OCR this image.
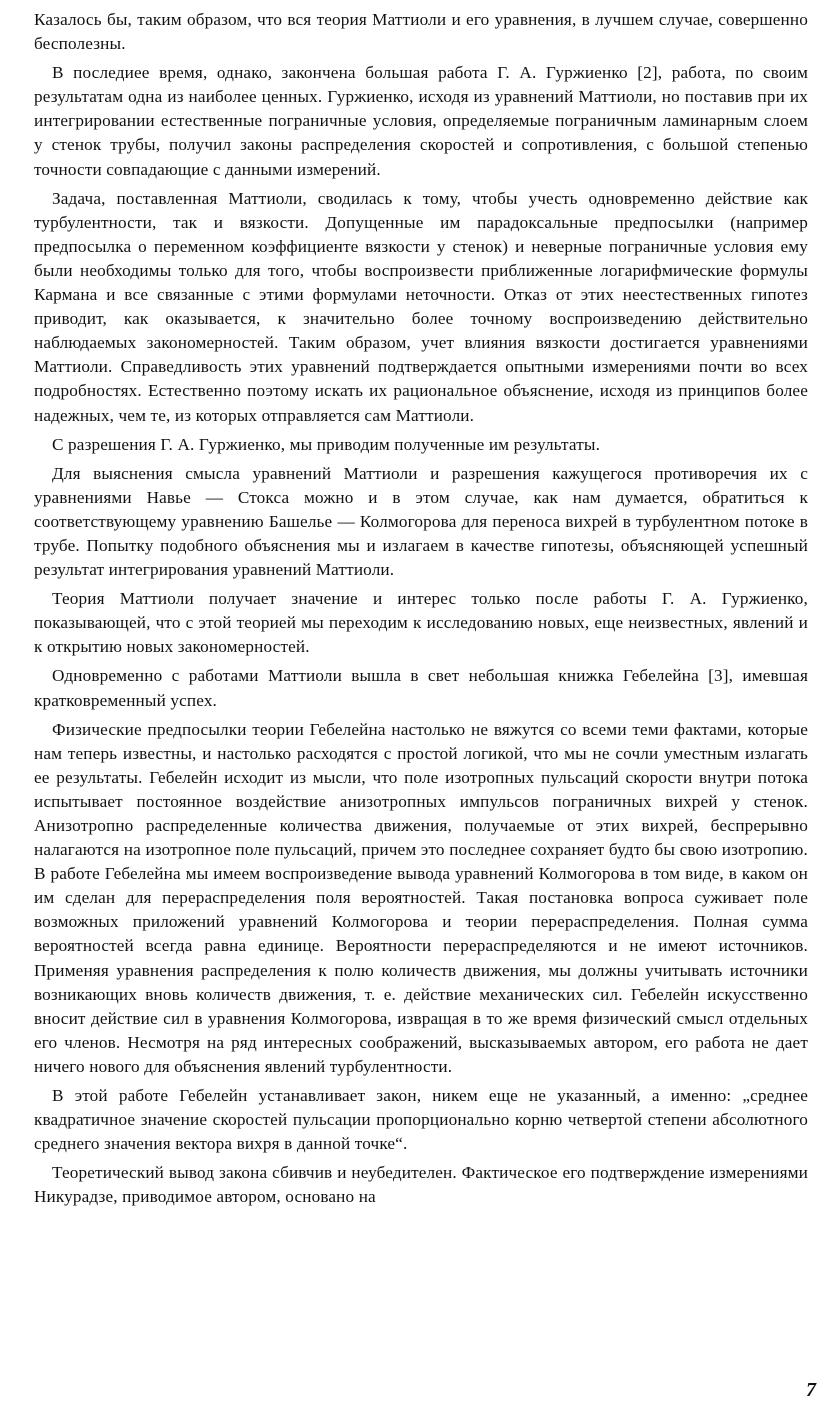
Казалось бы, таким образом, что вся теория Маттиоли и его уравнения, в лучшем случае, совершенно бесполезны.

В последиее время, однако, закончена большая работа Г. А. Гуржиенко [2], работа, по своим результатам одна из наиболее ценных. Гуржиенко, исходя из уравнений Маттиоли, но поставив при их интегрировании естественные пограничные условия, определяемые пограничным ламинарным слоем у стенок трубы, получил законы распределения скоростей и сопротивления, с большой степенью точности совпадающие с данными измерений.

Задача, поставленная Маттиоли, сводилась к тому, чтобы учесть одновременно действие как турбулентности, так и вязкости. Допущенные им парадоксальные предпосылки (например предпосылка о переменном коэффициенте вязкости у стенок) и неверные пограничные условия ему были необходимы только для того, чтобы воспроизвести приближенные логарифмические формулы Кармана и все связанные с этими формулами неточности. Отказ от этих неестественных гипотез приводит, как оказывается, к значительно более точному воспроизведению действительно наблюдаемых закономерностей. Таким образом, учет влияния вязкости достигается уравнениями Маттиоли. Справедливость этих уравнений подтверждается опытными измерениями почти во всех подробностях. Естественно поэтому искать их рациональное объяснение, исходя из принципов более надежных, чем те, из которых отправляется сам Маттиоли.

С разрешения Г. А. Гуржиенко, мы приводим полученные им результаты.

Для выяснения смысла уравнений Маттиоли и разрешения кажущегося противоречия их с уравнениями Навье — Стокса можно и в этом случае, как нам думается, обратиться к соответствующему уравнению Башелье — Колмогорова для переноса вихрей в турбулентном потоке в трубе. Попытку подобного объяснения мы и излагаем в качестве гипотезы, объясняющей успешный результат интегрирования уравнений Маттиоли.

Теория Маттиоли получает значение и интерес только после работы Г. А. Гуржиенко, показывающей, что с этой теорией мы переходим к исследованию новых, еще неизвестных, явлений и к открытию новых закономерностей.

Одновременно с работами Маттиоли вышла в свет небольшая книжка Гебелейна [3], имевшая кратковременный успех.

Физические предпосылки теории Гебелейна настолько не вяжутся со всеми теми фактами, которые нам теперь известны, и настолько расходятся с простой логикой, что мы не сочли уместным излагать ее результаты. Гебелейн исходит из мысли, что поле изотропных пульсаций скорости внутри потока испытывает постоянное воздействие анизотропных импульсов пограничных вихрей у стенок. Анизотропно распределенные количества движения, получаемые от этих вихрей, беспрерывно налагаются на изотропное поле пульсаций, причем это последнее сохраняет будто бы свою изотропию. В работе Гебелейна мы имеем воспроизведение вывода уравнений Колмогорова в том виде, в каком он им сделан для перераспределения поля вероятностей. Такая постановка вопроса суживает поле возможных приложений уравнений Колмогорова и теории перераспределения. Полная сумма вероятностей всегда равна единице. Вероятности перераспределяются и не имеют источников. Применяя уравнения распределения к полю количеств движения, мы должны учитывать источники возникающих вновь количеств движения, т. е. действие механических сил. Гебелейн искусственно вносит действие сил в уравнения Колмогорова, извращая в то же время физический смысл отдельных его членов. Несмотря на ряд интересных соображений, высказываемых автором, его работа не дает ничего нового для объяснения явлений турбулентности.

В этой работе Гебелейн устанавливает закон, никем еще не указанный, а именно: „среднее квадратичное значение скоростей пульсации пропорционально корню четвертой степени абсолютного среднего значения вектора вихря в данной точке“.

Теоретический вывод закона сбивчив и неубедителен. Фактическое его подтверждение измерениями Никурадзе, приводимое автором, основано на

7
